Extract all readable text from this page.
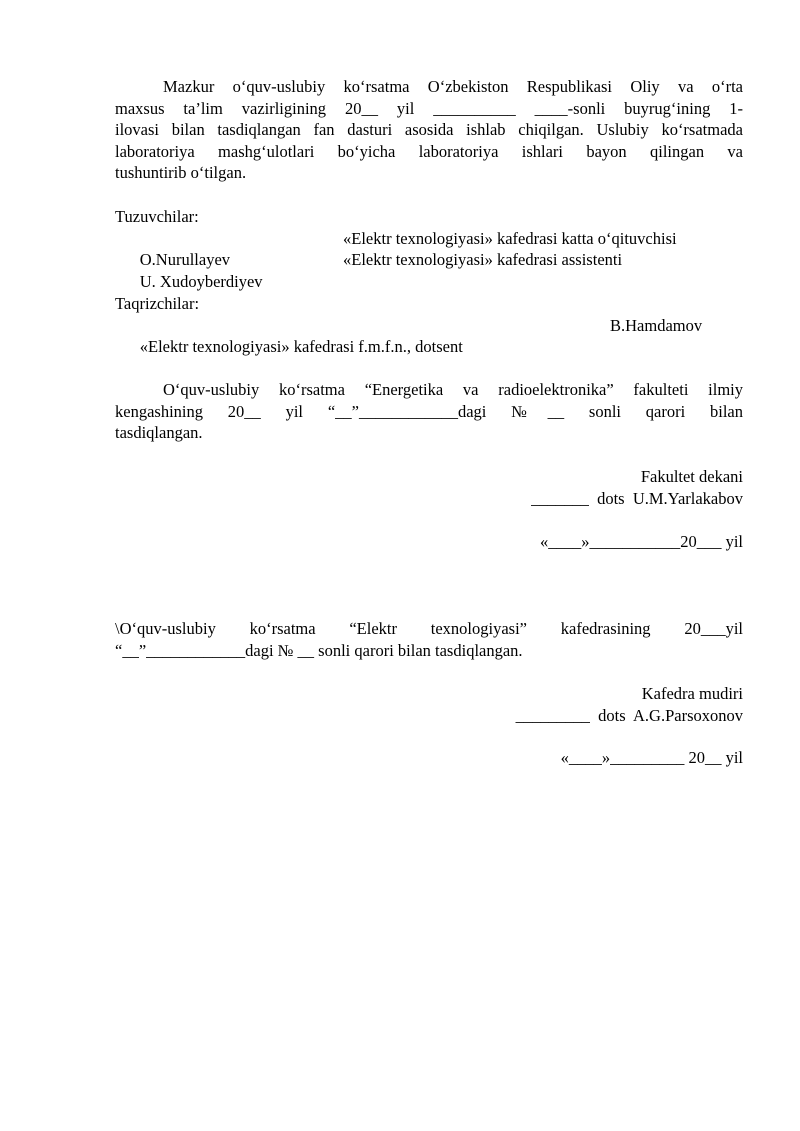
Mazkur o‘quv-uslubiy ko‘rsatma O‘zbekiston Respublikasi Oliy va o‘rta
maxsus ta’lim vazirligining 20__ yil __________ ____-sonli buyrug‘ining 1-
ilovasi bilan tasdiqlangan fan dasturi asosida ishlab chiqilgan. Uslubiy ko‘rsatmada
laboratoriya mashg‘ulotlari bo‘yicha laboratoriya ishlari bayon qilingan va
tushuntirib o‘tilgan.
Tuzuvchilar:

O.Nurullayev

«Elektr texnologiyasi» kafedrasi katta o‘qituvchisi

U. Xudoyberdiyev

«Elektr texnologiyasi» kafedrasi assistenti

Taqrizchilar:

«Elektr texnologiyasi» kafedrasi f.m.f.n., dotsent

B.Hamdamov

O‘quv-uslubiy ko‘rsatma “Energetika va radioelektronika” fakulteti ilmiy
kengashining 20__ yil “__”____________dagi №__ sonli qarori bilan
tasdiqlangan.
Fakultet dekani
_______  dots  U.M.Yarlakabov
«____»___________20___ yil
\O‘quv-uslubiy ko‘rsatma “Elektr texnologiyasi” kafedrasining 20___yil
“__”____________dagi № __ sonli qarori bilan tasdiqlangan.
Kafedra mudiri
_________  dots  A.G.Parsoxonov
«____»_________ 20__ yil
